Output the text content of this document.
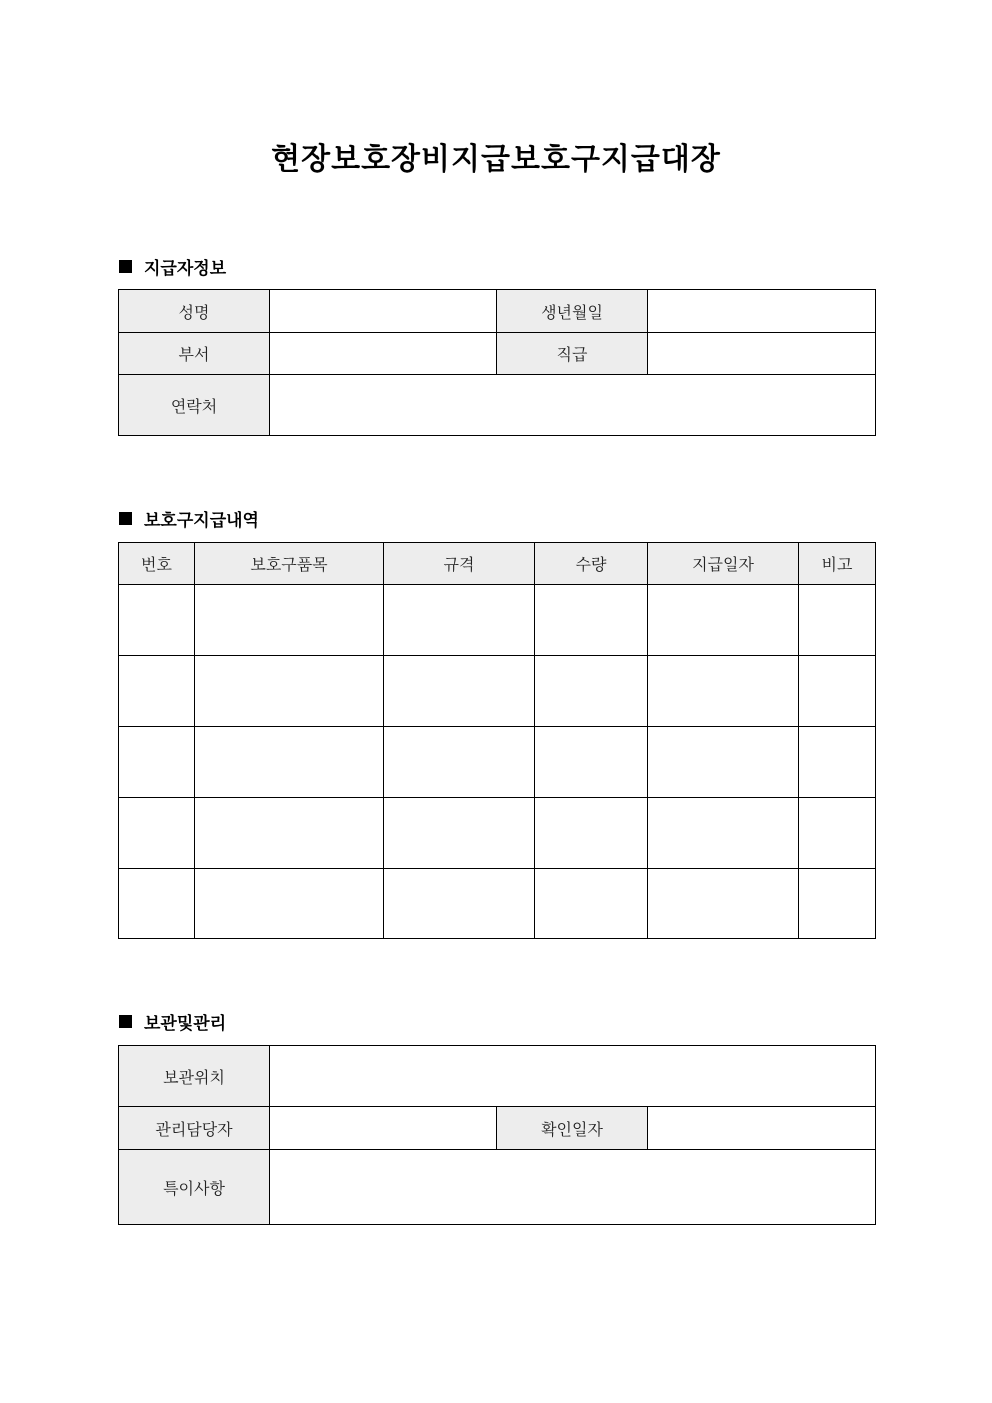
현장보호장비지급보호구지급대장
지급자정보
성명		생년월일	
부서		직급	
연락처			
보호구지급내역
번호	보호구품목	규격	수량	지급일자	비고

보관및관리
보관위치			
관리담당자		확인일자	
특이사항			
